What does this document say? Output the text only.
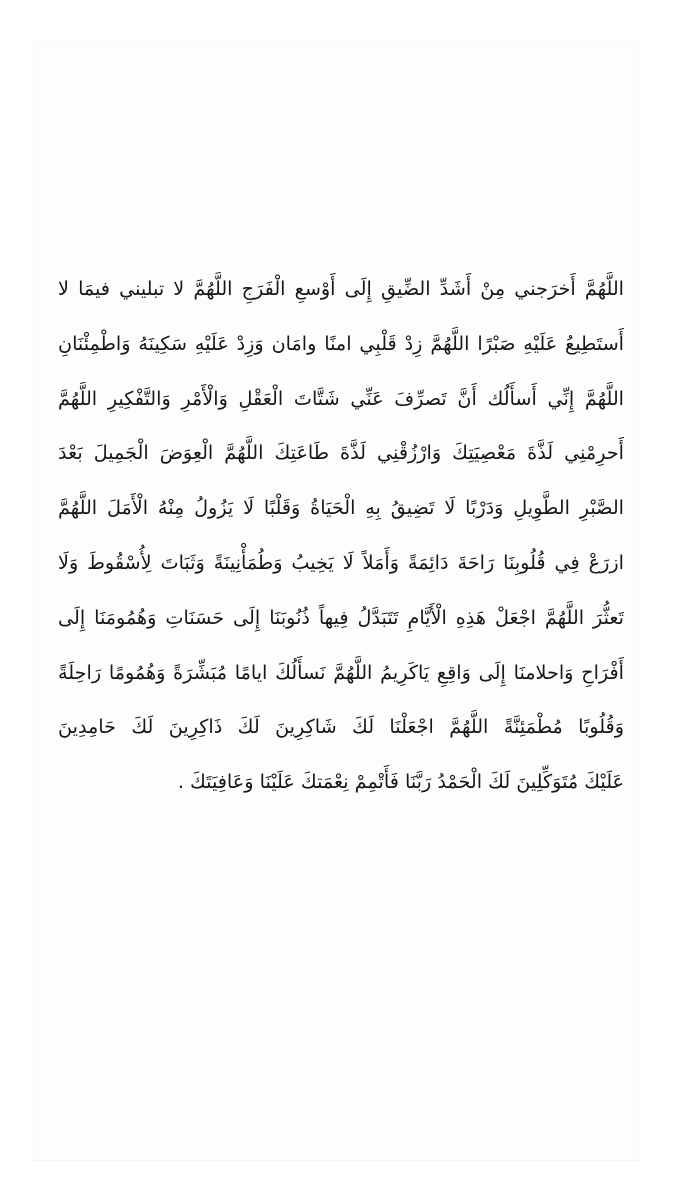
اللَّهُمَّ أَخرَجني مِنْ أَشَدِّ الضِّيقِ إِلَى أَوْسعِ الْفَرَجِ اللَّهُمَّ لا تبليني فيمَا لا
أَستَطِيعُ عَلَيْهِ صَبْرًا اللَّهُمَّ زِدْ قَلْبِي امنًا وامَان وَزِدْ عَلَيْهِ سَكِينَهُ وَاطْمِئْنَانِ
اللَّهُمَّ إِنِّي أَسأَلُك أَنَّ تَصرِّفَ عَنِّي شَتَّاتَ الْعَقْلِ وَالْأَمْرِ وَالتَّفْكِيرِ اللَّهُمَّ
أَحرِمْنِي لَذَّةَ مَعْصِيَتِكَ وَارْزُقْنِي لَذَّةَ طَاعَتِكَ اللَّهُمَّ الْعِوَضَ الْجَمِيلَ بَعْدَ
الصَّبْرِ الطَّوِيلِ وَدَرْبًا لَا تَضِيقُ بِهِ الْحَيَاةُ وَقَلْبًا لَا يَزُولُ مِنْهُ الْأَمَلَ اللَّهُمَّ
ازرَعْ فِي قُلُوبِنَا رَاحَةَ دَائِمَةً وَأَمَلاً لَا يَخِيبُ وَطُمَأْنِينَةً وَثَبَاتَ لِأُسْقُوطَ وَلَا
تَعثُّرَ اللَّهُمَّ اجْعَلْ هَذِهِ الْأَيَّامِ تَتَبَدَّلُ فِيهاً ذُنُوبَنَا إِلَى حَسَنَاتِ وَهُمُومَنَا إِلَى
أَفْرَاحِ وَاحلامنَا إِلَى وَاقِعِ يَاكَرِيمُ اللَّهُمَّ نَسأَلُكَ ايامًا مُبَشِّرَةً وَهُمُومًا رَاحِلَةً
وَقُلُوبًا مُطْمَئِنَّةً اللَّهُمَّ اجْعَلْنَا لَكَ شَاكِرِينَ لَكَ ذَاكِرِينَ لَكَ حَامِدِينَ
عَلَيْكَ مُتَوَكِّلِينَ لَكَ الْحَمْدُ رَبَّنَا فَأَتْمِمْ نِعْمَتكَ عَلَيْنَا وَعَافِيَتَكَ .
